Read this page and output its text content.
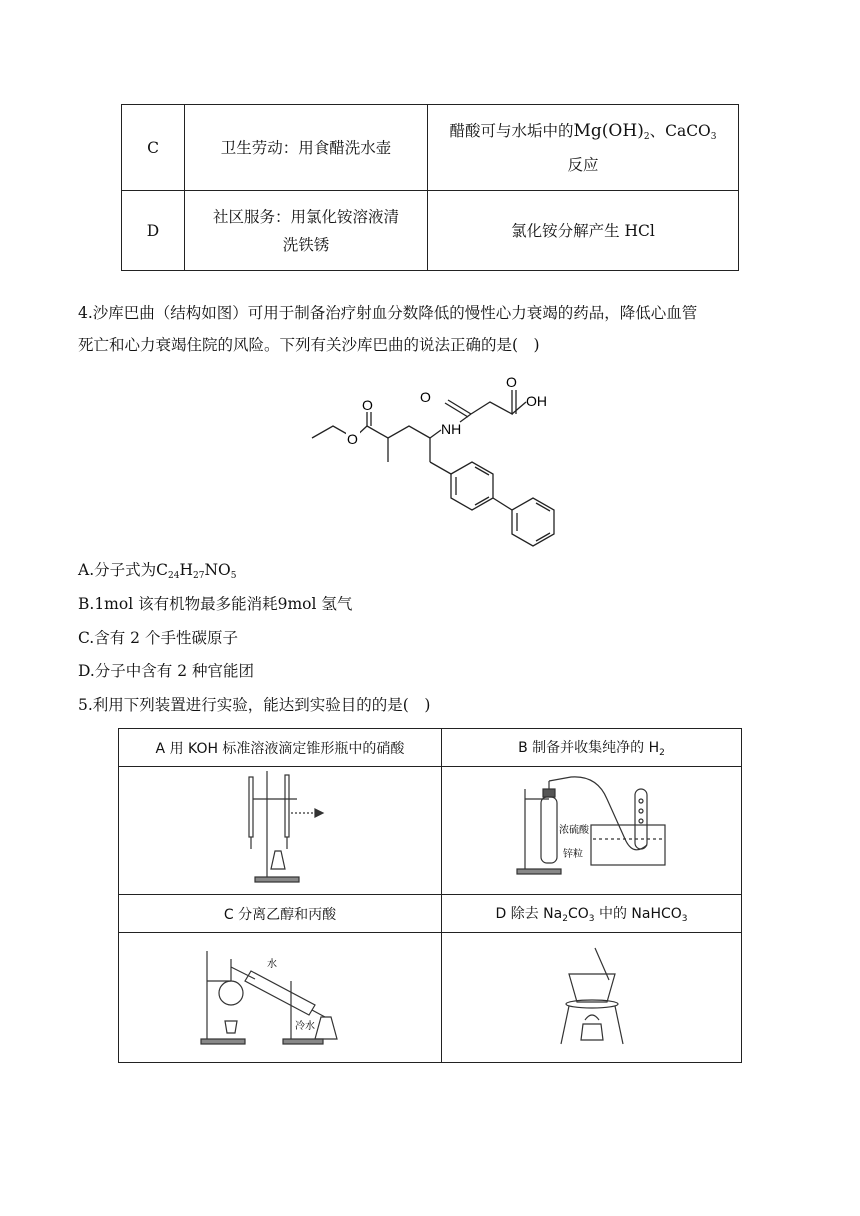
C	卫生劳动：用食醋洗水壶	醋酸可与水垢中的$Mg(OH)_2$、CaCO$_3$
反应
D	社区服务：用氯化铵溶液清
洗铁锈	氯化铵分解产生 HCl
4.沙库巴曲（结构如图）可用于制备治疗射血分数降低的慢性心力衰竭的药品，降低心血管
死亡和心力衰竭住院的风险。下列有关沙库巴曲的说法正确的是(　)
O
O
NH
O
O
OH
A.分子式为$C_{24}H_{27}NO_5$
B.1mol 该有机物最多能消耗9mol 氢气
C.含有 2 个手性碳原子
D.分子中含有 2 种官能团
5.利用下列装置进行实验，能达到实验目的的是(　)
A 用 KOH 标准溶液滴定锥形瓶中的硝酸	B 制备并收集纯净的 $H_2$

浓硫酸
锌粒

C 分离乙醇和丙酸	D 除去 $Na_2CO_3$ 中的 NaHCO$_3$

水
冷水
